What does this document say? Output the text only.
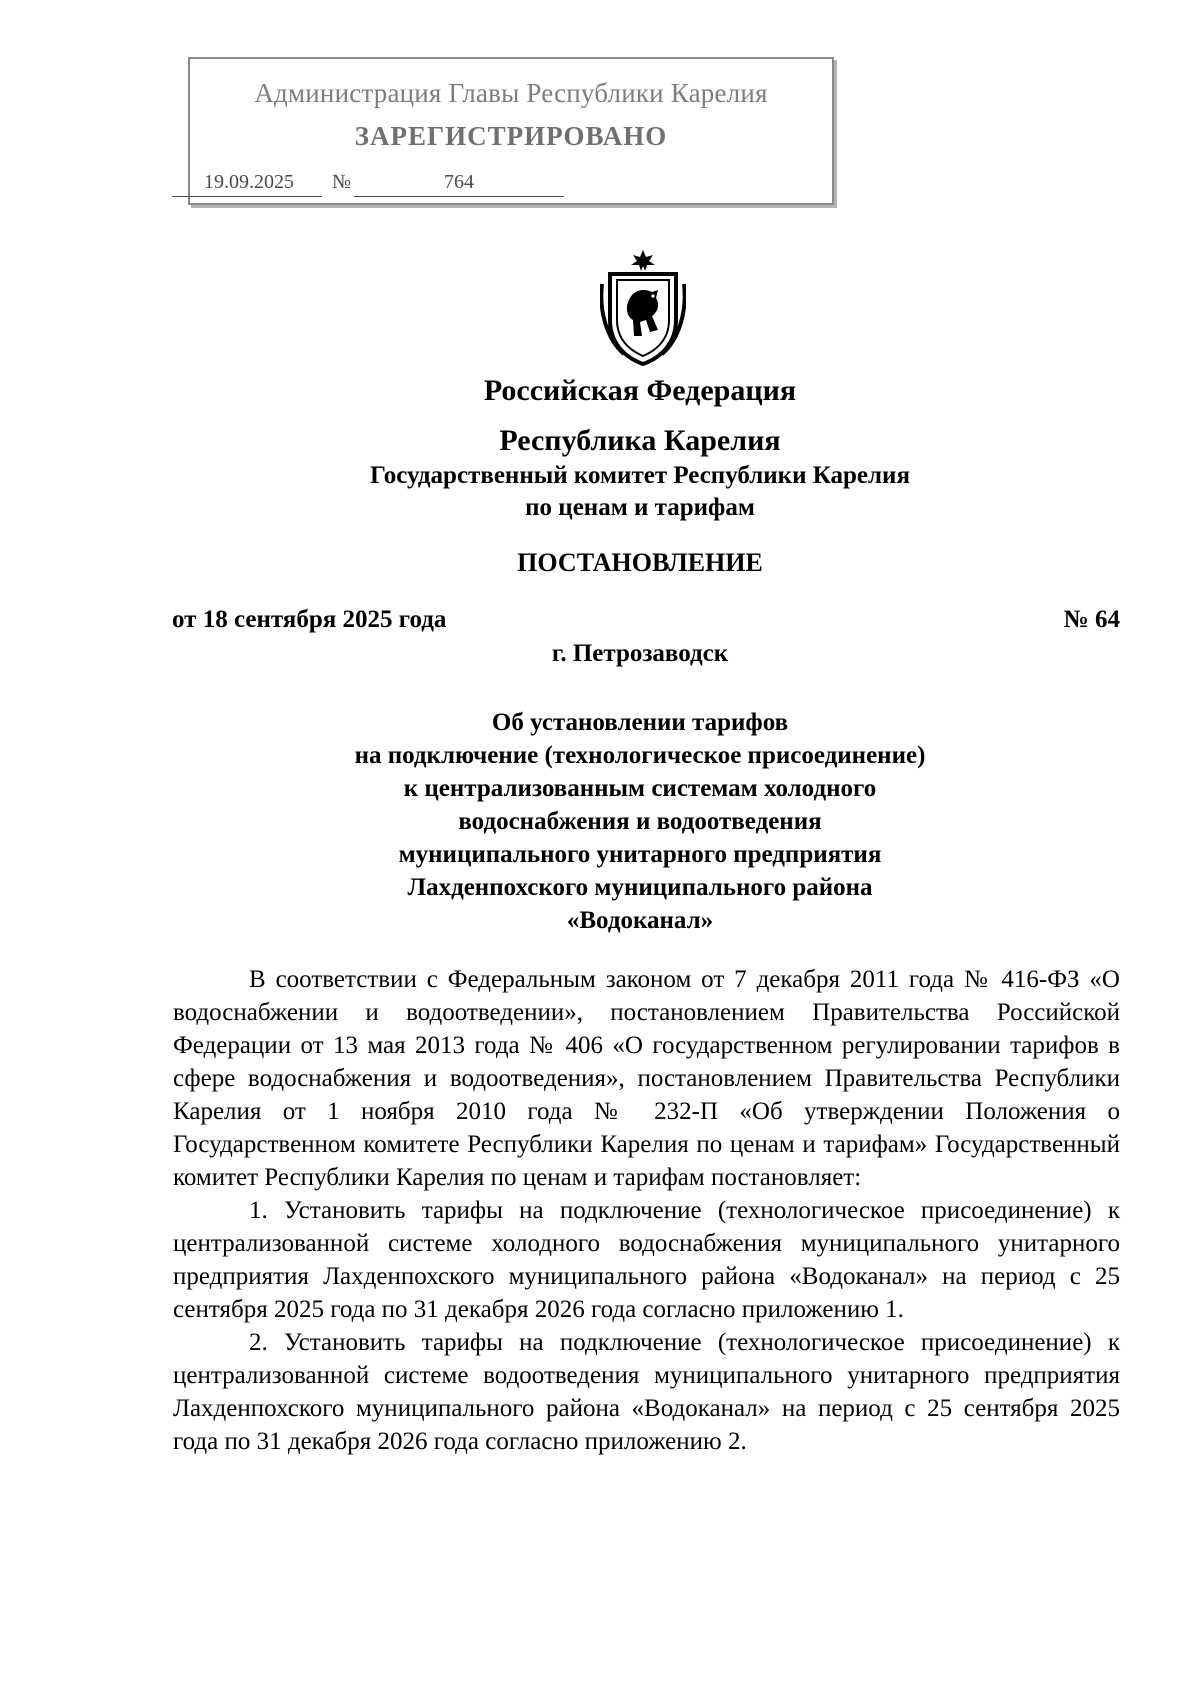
Администрация Главы Республики Карелия
ЗАРЕГИСТРИРОВАНО
19.09.2025 №	764
Российская Федерация
Республика Карелия
Государственный комитет Республики Карелия
по ценам и тарифам
ПОСТАНОВЛЕНИЕ
от 18 сентября 2025 года	№ 64
г. Петрозаводск
Об установлении тарифов
на подключение (технологическое присоединение)
к централизованным системам холодного
водоснабжения и водоотведения
муниципального унитарного предприятия
Лахденпохского муниципального района
«Водоканал»

В соответствии с Федеральным законом от 7 декабря 2011 года № 416-ФЗ «О водоснабжении и водоотведении», постановлением Правительства Российской Федерации от 13 мая 2013 года № 406 «О государственном регулировании тарифов в сфере водоснабжения и водоотведения», постановлением Правительства Республики Карелия от 1 ноября 2010 года № 232-П «Об утверждении Положения о Государственном комитете Республики Карелия по ценам и тарифам» Государственный комитет Республики Карелия по ценам и тарифам постановляет:

1. Установить тарифы на подключение (технологическое присоединение) к централизованной системе холодного водоснабжения муниципального унитарного предприятия Лахденпохского муниципального района «Водоканал» на период с 25 сентября 2025 года по 31 декабря 2026 года согласно приложению 1.

2. Установить тарифы на подключение (технологическое присоединение) к централизованной системе водоотведения муниципального унитарного предприятия Лахденпохского муниципального района «Водоканал» на период с 25 сентября 2025 года по 31 декабря 2026 года согласно приложению 2.
